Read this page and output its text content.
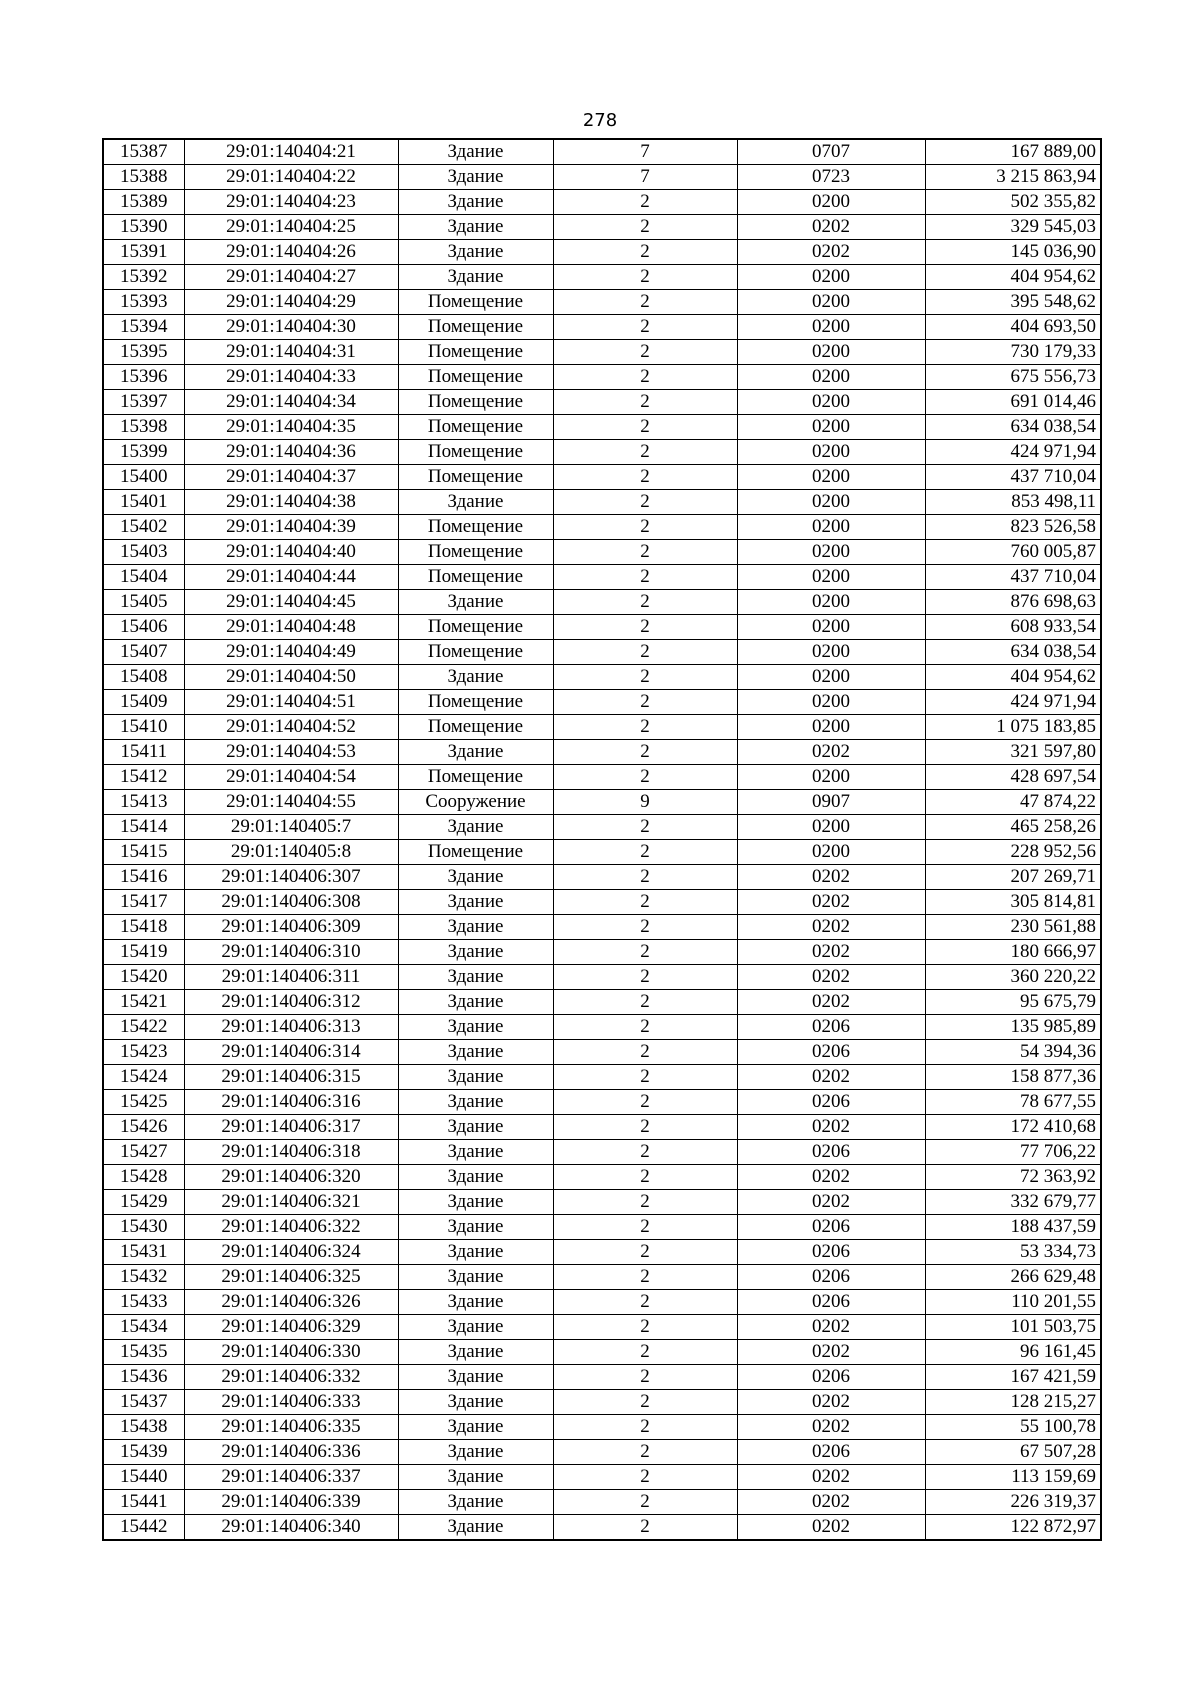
278
15387	29:01:140404:21	Здание	7	0707	167 889,00
15388	29:01:140404:22	Здание	7	0723	3 215 863,94
15389	29:01:140404:23	Здание	2	0200	502 355,82
15390	29:01:140404:25	Здание	2	0202	329 545,03
15391	29:01:140404:26	Здание	2	0202	145 036,90
15392	29:01:140404:27	Здание	2	0200	404 954,62
15393	29:01:140404:29	Помещение	2	0200	395 548,62
15394	29:01:140404:30	Помещение	2	0200	404 693,50
15395	29:01:140404:31	Помещение	2	0200	730 179,33
15396	29:01:140404:33	Помещение	2	0200	675 556,73
15397	29:01:140404:34	Помещение	2	0200	691 014,46
15398	29:01:140404:35	Помещение	2	0200	634 038,54
15399	29:01:140404:36	Помещение	2	0200	424 971,94
15400	29:01:140404:37	Помещение	2	0200	437 710,04
15401	29:01:140404:38	Здание	2	0200	853 498,11
15402	29:01:140404:39	Помещение	2	0200	823 526,58
15403	29:01:140404:40	Помещение	2	0200	760 005,87
15404	29:01:140404:44	Помещение	2	0200	437 710,04
15405	29:01:140404:45	Здание	2	0200	876 698,63
15406	29:01:140404:48	Помещение	2	0200	608 933,54
15407	29:01:140404:49	Помещение	2	0200	634 038,54
15408	29:01:140404:50	Здание	2	0200	404 954,62
15409	29:01:140404:51	Помещение	2	0200	424 971,94
15410	29:01:140404:52	Помещение	2	0200	1 075 183,85
15411	29:01:140404:53	Здание	2	0202	321 597,80
15412	29:01:140404:54	Помещение	2	0200	428 697,54
15413	29:01:140404:55	Сооружение	9	0907	47 874,22
15414	29:01:140405:7	Здание	2	0200	465 258,26
15415	29:01:140405:8	Помещение	2	0200	228 952,56
15416	29:01:140406:307	Здание	2	0202	207 269,71
15417	29:01:140406:308	Здание	2	0202	305 814,81
15418	29:01:140406:309	Здание	2	0202	230 561,88
15419	29:01:140406:310	Здание	2	0202	180 666,97
15420	29:01:140406:311	Здание	2	0202	360 220,22
15421	29:01:140406:312	Здание	2	0202	95 675,79
15422	29:01:140406:313	Здание	2	0206	135 985,89
15423	29:01:140406:314	Здание	2	0206	54 394,36
15424	29:01:140406:315	Здание	2	0202	158 877,36
15425	29:01:140406:316	Здание	2	0206	78 677,55
15426	29:01:140406:317	Здание	2	0202	172 410,68
15427	29:01:140406:318	Здание	2	0206	77 706,22
15428	29:01:140406:320	Здание	2	0202	72 363,92
15429	29:01:140406:321	Здание	2	0202	332 679,77
15430	29:01:140406:322	Здание	2	0206	188 437,59
15431	29:01:140406:324	Здание	2	0206	53 334,73
15432	29:01:140406:325	Здание	2	0206	266 629,48
15433	29:01:140406:326	Здание	2	0206	110 201,55
15434	29:01:140406:329	Здание	2	0202	101 503,75
15435	29:01:140406:330	Здание	2	0202	96 161,45
15436	29:01:140406:332	Здание	2	0206	167 421,59
15437	29:01:140406:333	Здание	2	0202	128 215,27
15438	29:01:140406:335	Здание	2	0202	55 100,78
15439	29:01:140406:336	Здание	2	0206	67 507,28
15440	29:01:140406:337	Здание	2	0202	113 159,69
15441	29:01:140406:339	Здание	2	0202	226 319,37
15442	29:01:140406:340	Здание	2	0202	122 872,97
